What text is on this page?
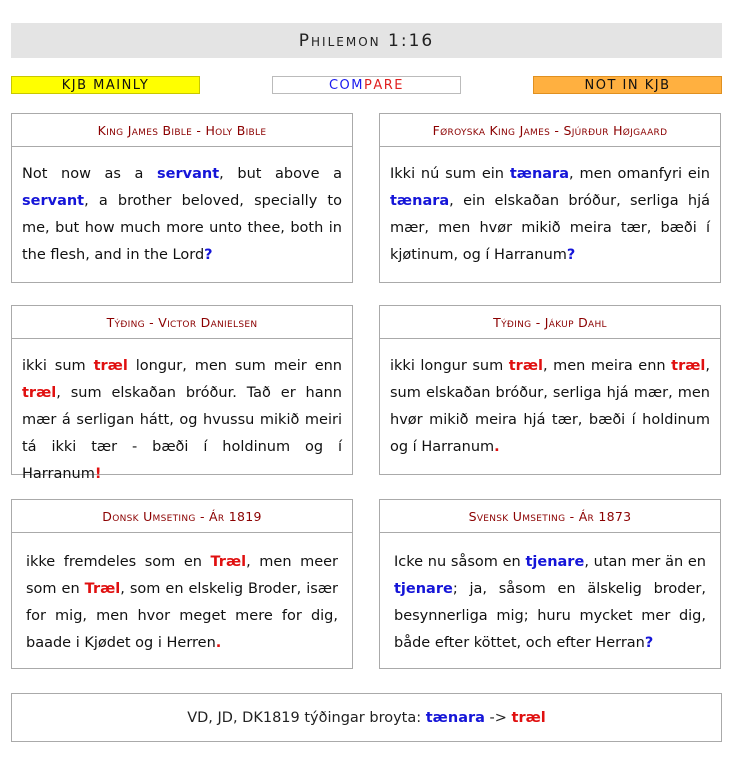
Philemon 1:16
KJB MAINLY	C O M P A R E	NOT IN KJB
King James Bible - Holy Bible
Not now as a servant, but above a servant, a brother beloved, specially to me, but how much more unto thee, both in the flesh, and in the Lord?
Føroyska King James - Sjúrður Højgaard
Ikki nú sum ein tænara, men omanfyri ein tænara, ein elskaðan bróður, serliga hjá mær, men hvør mikið meira tær, bæði í kjøtinum, og í Harranum?
Týðing - Victor Danielsen
ikki sum træl longur, men sum meir enn træl, sum elskaðan bróður. Tað er hann mær á serligan hátt, og hvussu mikið meiri tá ikki tær - bæði í holdinum og í Harranum!
Týðing - Jákup Dahl
ikki longur sum træl, men meira enn træl, sum elskaðan bróður, serliga hjá mær, men hvør mikið meira hjá tær, bæði í holdinum og í Harranum.
Donsk Umseting - Ár 1819
ikke fremdeles som en Træl, men meer som en Træl, som en elskelig Broder, især for mig, men hvor meget mere for dig, baade i Kjødet og i Herren.
Svensk Umseting - Ár 1873
Icke nu såsom en tjenare, utan mer än en tjenare; ja, såsom en älskelig broder, besynnerliga mig; huru mycket mer dig, både efter köttet, och efter Herran?
VD, JD, DK1819 týðingar broyta: tænara -> træl
